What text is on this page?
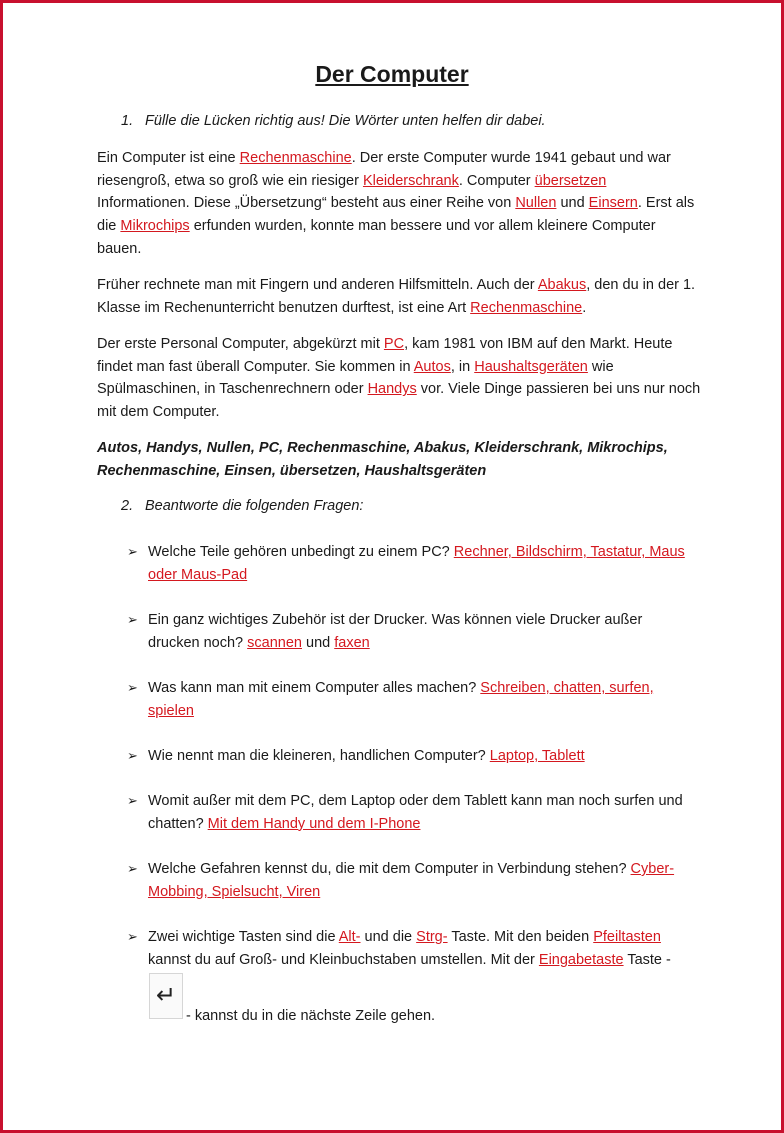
Der Computer
1. Fülle die Lücken richtig aus! Die Wörter unten helfen dir dabei.
Ein Computer ist eine Rechenmaschine. Der erste Computer wurde 1941 gebaut und war riesengroß, etwa so groß wie ein riesiger Kleiderschrank. Computer übersetzen Informationen. Diese „Übersetzung“ besteht aus einer Reihe von Nullen und Einsern. Erst als die Mikrochips erfunden wurden, konnte man bessere und vor allem kleinere Computer bauen.
Früher rechnete man mit Fingern und anderen Hilfsmitteln. Auch der Abakus, den du in der 1. Klasse im Rechenunterricht benutzen durftest, ist eine Art Rechenmaschine.
Der erste Personal Computer, abgekürzt mit PC, kam 1981 von IBM auf den Markt. Heute findet man fast überall Computer. Sie kommen in Autos, in Haushaltsgeräten wie Spülmaschinen, in Taschenrechnern oder Handys vor. Viele Dinge passieren bei uns nur noch mit dem Computer.
Autos, Handys, Nullen, PC, Rechenmaschine, Abakus, Kleiderschrank, Mikrochips, Rechenmaschine, Einsen, übersetzen, Haushaltsgeräten
2. Beantworte die folgenden Fragen:
➢ Welche Teile gehören unbedingt zu einem PC? Rechner, Bildschirm, Tastatur, Maus oder Maus-Pad
➢ Ein ganz wichtiges Zubehör ist der Drucker. Was können viele Drucker außer drucken noch? scannen und faxen
➢ Was kann man mit einem Computer alles machen? Schreiben, chatten, surfen, spielen
➢ Wie nennt man die kleineren, handlichen Computer? Laptop, Tablett
➢ Womit außer mit dem PC, dem Laptop oder dem Tablett kann man noch surfen und chatten? Mit dem Handy und dem I-Phone
➢ Welche Gefahren kennst du, die mit dem Computer in Verbindung stehen? Cyber-Mobbing, Spielsucht, Viren
➢ Zwei wichtige Tasten sind die Alt- und die Strg- Taste. Mit den beiden Pfeiltasten kannst du auf Groß- und Kleinbuchstaben umstellen. Mit der Eingabetaste Taste -
↵
- kannst du in die nächste Zeile gehen.
